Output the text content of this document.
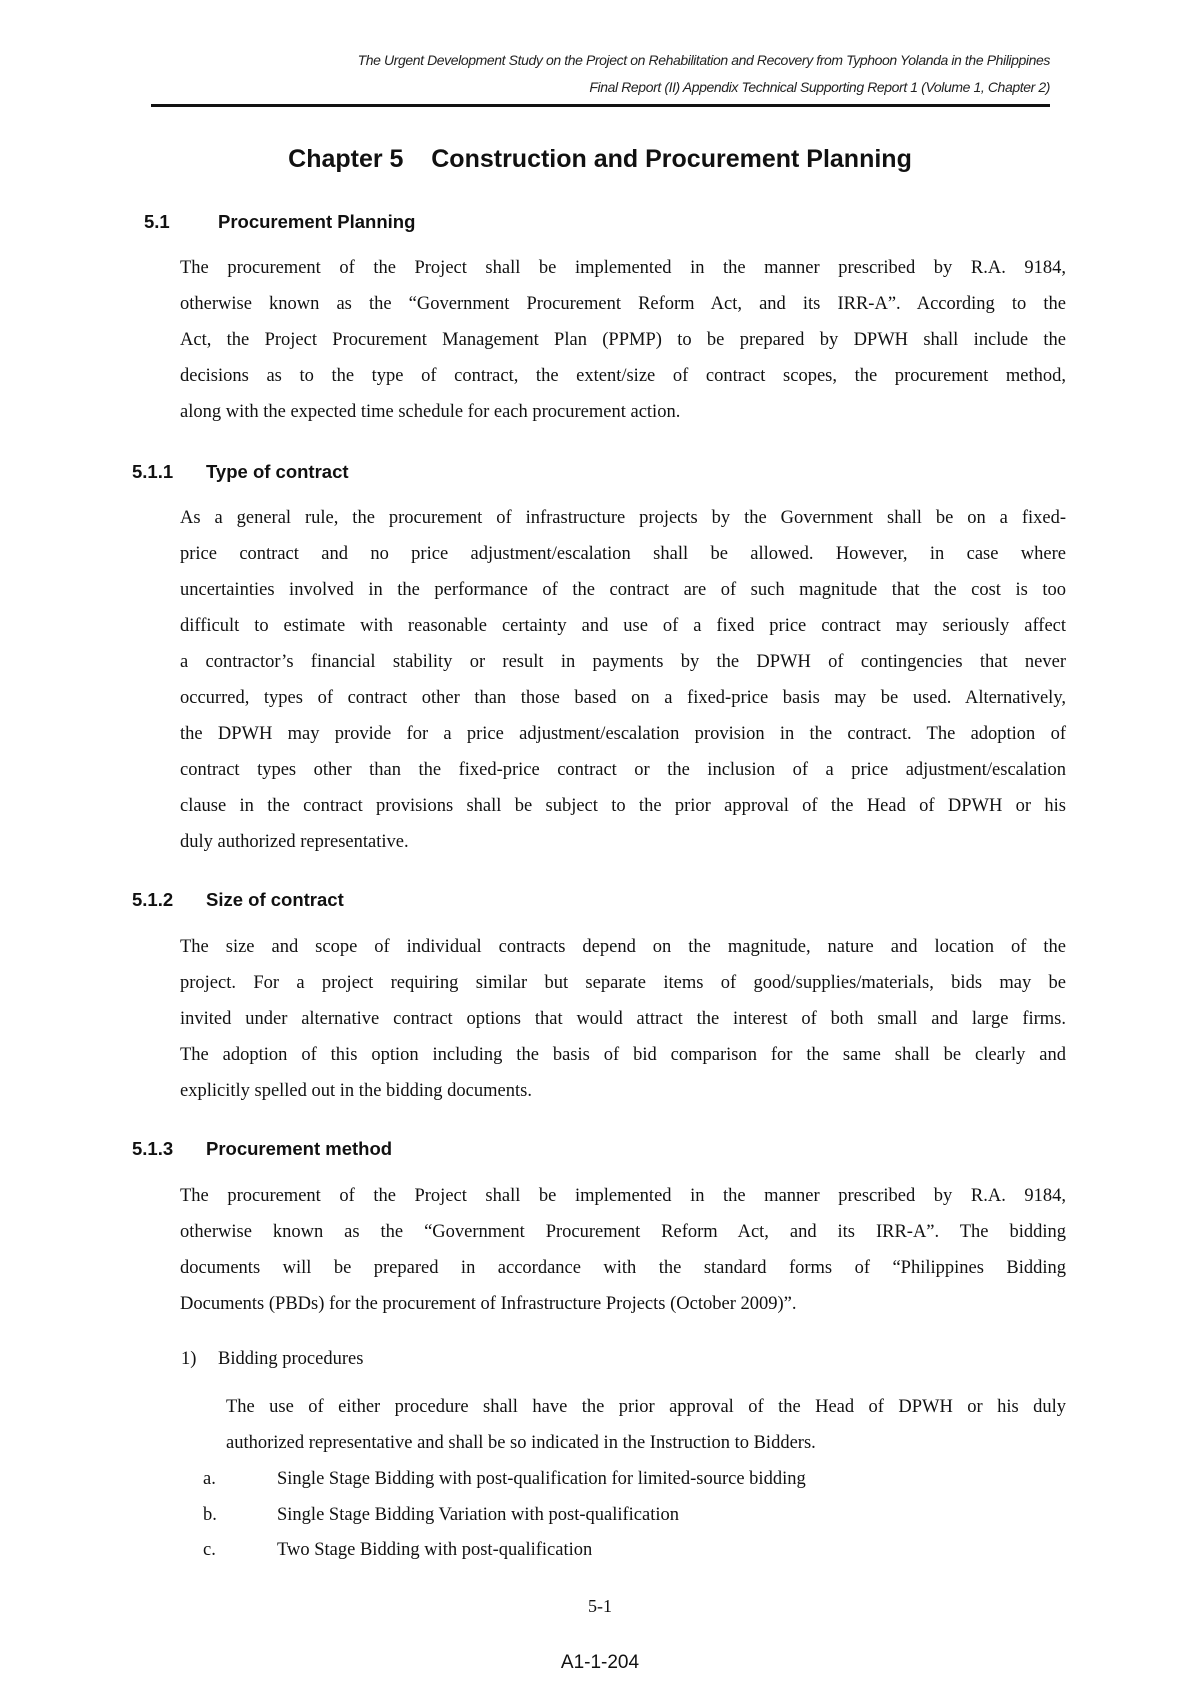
The Urgent Development Study on the Project on Rehabilitation and Recovery from Typhoon Yolanda in the Philippines
Final Report (II) Appendix Technical Supporting Report 1 (Volume 1, Chapter 2)
Chapter 5    Construction and Procurement Planning
5.1	Procurement Planning
The procurement of the Project shall be implemented in the manner prescribed by R.A. 9184,
otherwise known as the “Government Procurement Reform Act, and its IRR-A”. According to the
Act, the Project Procurement Management Plan (PPMP) to be prepared by DPWH shall include the
decisions as to the type of contract, the extent/size of contract scopes, the procurement method,
along with the expected time schedule for each procurement action.
5.1.1 Type of contract
As a general rule, the procurement of infrastructure projects by the Government shall be on a fixed-
price contract and no price adjustment/escalation shall be allowed. However, in case where
uncertainties involved in the performance of the contract are of such magnitude that the cost is too
difficult to estimate with reasonable certainty and use of a fixed price contract may seriously affect
a contractor’s financial stability or result in payments by the DPWH of contingencies that never
occurred, types of contract other than those based on a fixed-price basis may be used. Alternatively,
the DPWH may provide for a price adjustment/escalation provision in the contract. The adoption of
contract types other than the fixed-price contract or the inclusion of a price adjustment/escalation
clause in the contract provisions shall be subject to the prior approval of the Head of DPWH or his
duly authorized representative.
5.1.2 Size of contract
The size and scope of individual contracts depend on the magnitude, nature and location of the
project. For a project requiring similar but separate items of good/supplies/materials, bids may be
invited under alternative contract options that would attract the interest of both small and large firms.
The adoption of this option including the basis of bid comparison for the same shall be clearly and
explicitly spelled out in the bidding documents.
5.1.3 Procurement method
The procurement of the Project shall be implemented in the manner prescribed by R.A. 9184,
otherwise known as the “Government Procurement Reform Act, and its IRR-A”. The bidding
documents will be prepared in accordance with the standard forms of “Philippines Bidding
Documents (PBDs) for the procurement of Infrastructure Projects (October 2009)”.
1) Bidding procedures
The use of either procedure shall have the prior approval of the Head of DPWH or his duly
authorized representative and shall be so indicated in the Instruction to Bidders.
a.	Single Stage Bidding with post-qualification for limited-source bidding
b.	Single Stage Bidding Variation with post-qualification
c.	Two Stage Bidding with post-qualification
5-1
A1-1-204
